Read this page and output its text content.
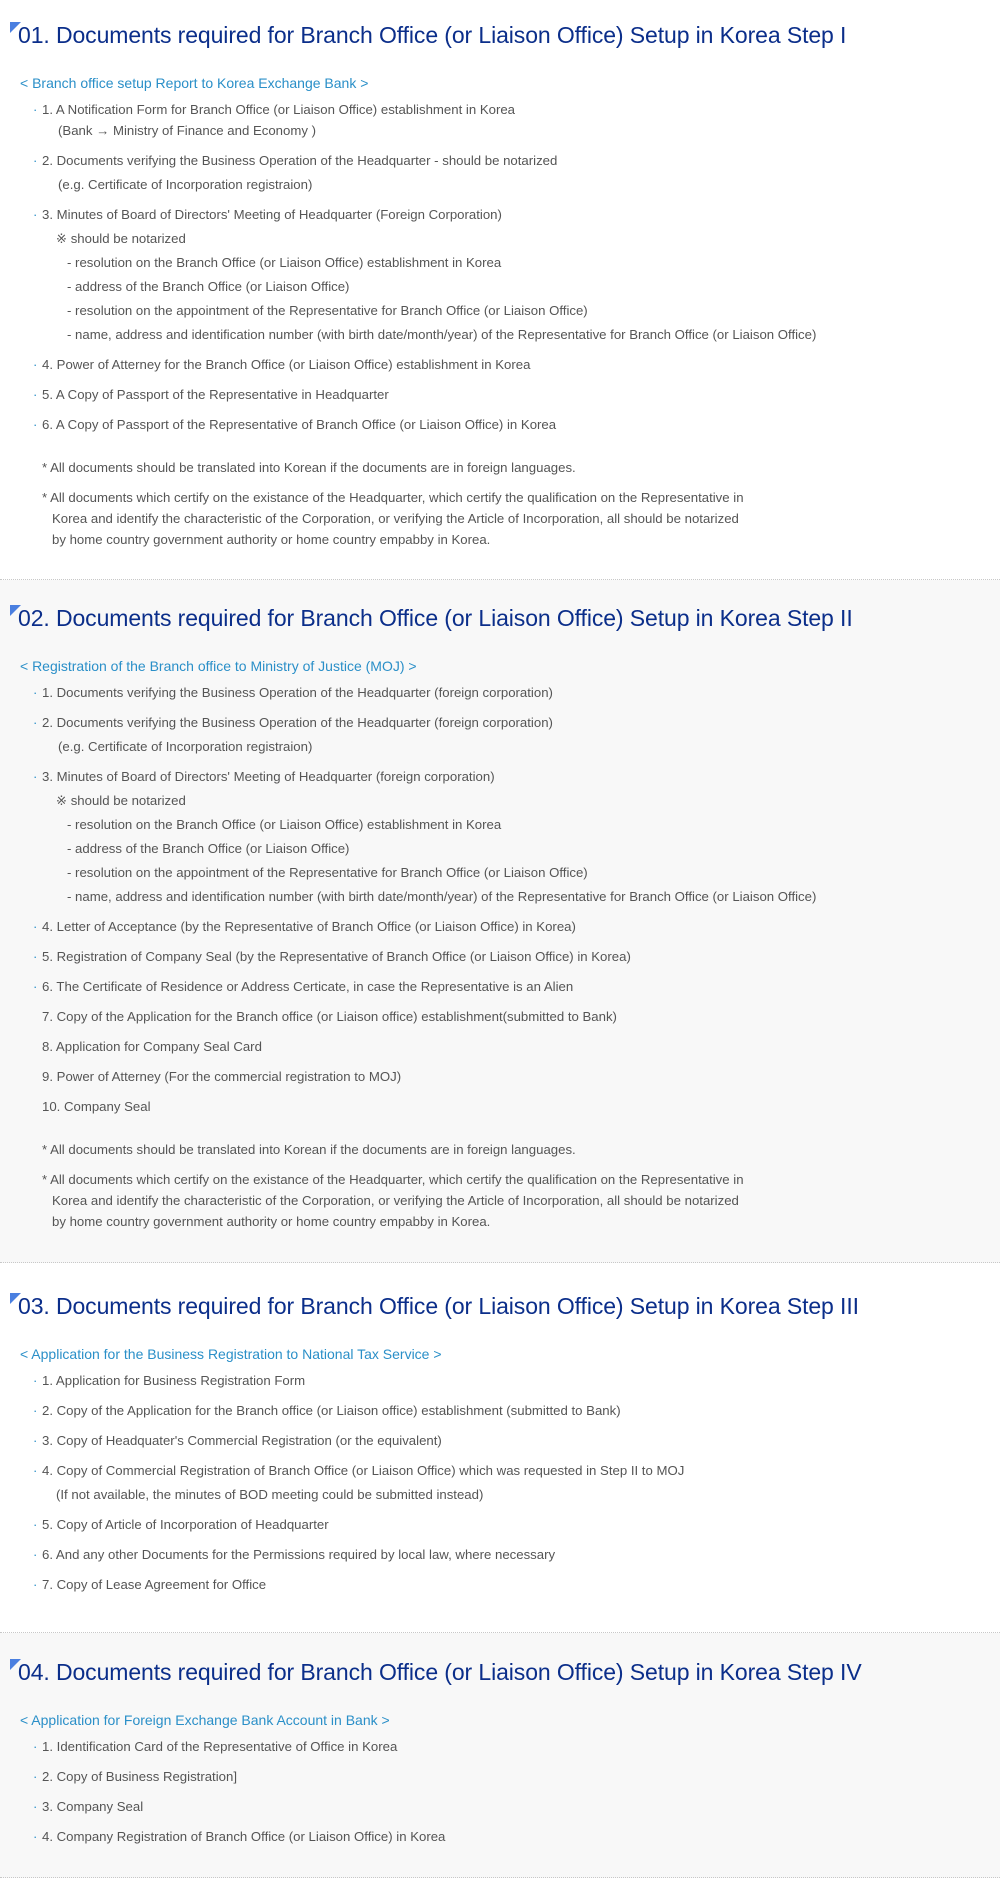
01. Documents required for Branch Office (or Liaison Office) Setup in Korea Step I
< Branch office setup Report to Korea Exchange Bank >
· 1. A Notification Form for Branch Office (or Liaison Office) establishment in Korea
(Bank → Ministry of Finance and Economy )
· 2. Documents verifying the Business Operation of the Headquarter - should be notarized
(e.g. Certificate of Incorporation registraion)
· 3. Minutes of Board of Directors' Meeting of Headquarter (Foreign Corporation)
※ should be notarized
- resolution on the Branch Office (or Liaison Office) establishment in Korea
- address of the Branch Office (or Liaison Office)
- resolution on the appointment of the Representative for Branch Office (or Liaison Office)
- name, address and identification number (with birth date/month/year) of the Representative for Branch Office (or Liaison Office)
· 4. Power of Atterney for the Branch Office (or Liaison Office) establishment in Korea
· 5. A Copy of Passport of the Representative in Headquarter
· 6. A Copy of Passport of the Representative of Branch Office (or Liaison Office) in Korea
* All documents should be translated into Korean if the documents are in foreign languages.
* All documents which certify on the existance of the Headquarter, which certify the qualification on the Representative in
Korea and identify the characteristic of the Corporation, or verifying the Article of Incorporation, all should be notarized
by home country government authority or home country empabby in Korea.
02. Documents required for Branch Office (or Liaison Office) Setup in Korea Step II
< Registration of the Branch office to Ministry of Justice (MOJ) >
· 1. Documents verifying the Business Operation of the Headquarter (foreign corporation)
· 2. Documents verifying the Business Operation of the Headquarter (foreign corporation)
(e.g. Certificate of Incorporation registraion)
· 3. Minutes of Board of Directors' Meeting of Headquarter (foreign corporation)
※ should be notarized
- resolution on the Branch Office (or Liaison Office) establishment in Korea
- address of the Branch Office (or Liaison Office)
- resolution on the appointment of the Representative for Branch Office (or Liaison Office)
- name, address and identification number (with birth date/month/year) of the Representative for Branch Office (or Liaison Office)
· 4. Letter of Acceptance (by the Representative of Branch Office (or Liaison Office) in Korea)
· 5. Registration of Company Seal (by the Representative of Branch Office (or Liaison Office) in Korea)
· 6. The Certificate of Residence or Address Certicate, in case the Representative is an Alien
7. Copy of the Application for the Branch office (or Liaison office) establishment(submitted to Bank)
8. Application for Company Seal Card
9. Power of Atterney (For the commercial registration to MOJ)
10. Company Seal
* All documents should be translated into Korean if the documents are in foreign languages.
* All documents which certify on the existance of the Headquarter, which certify the qualification on the Representative in
Korea and identify the characteristic of the Corporation, or verifying the Article of Incorporation, all should be notarized
by home country government authority or home country empabby in Korea.
03. Documents required for Branch Office (or Liaison Office) Setup in Korea Step III
< Application for the Business Registration to National Tax Service >
· 1. Application for Business Registration Form
· 2. Copy of the Application for the Branch office (or Liaison office) establishment (submitted to Bank)
· 3. Copy of Headquater's Commercial Registration (or the equivalent)
· 4. Copy of Commercial Registration of Branch Office (or Liaison Office) which was requested in Step II to MOJ
(If not available, the minutes of BOD meeting could be submitted instead)
· 5. Copy of Article of Incorporation of Headquarter
· 6. And any other Documents for the Permissions required by local law, where necessary
· 7. Copy of Lease Agreement for Office
04. Documents required for Branch Office (or Liaison Office) Setup in Korea Step IV
< Application for Foreign Exchange Bank Account in Bank >
· 1. Identification Card of the Representative of Office in Korea
· 2. Copy of Business Registration]
· 3. Company Seal
· 4. Company Registration of Branch Office (or Liaison Office) in Korea
